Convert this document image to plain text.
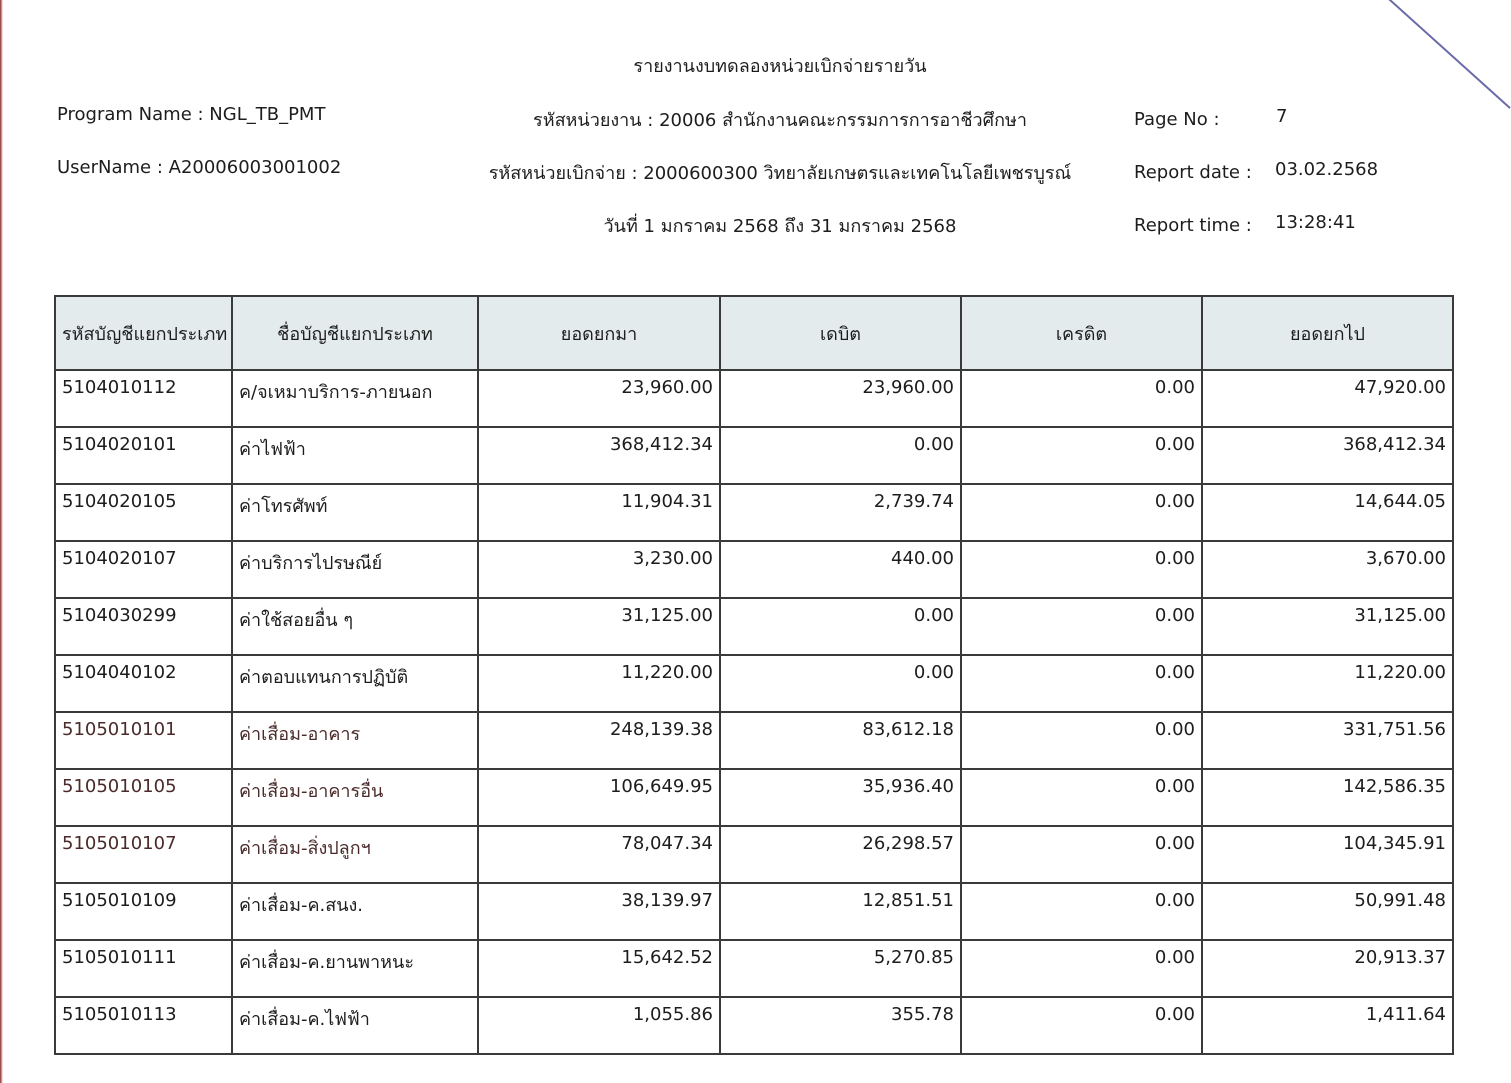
รายงานงบทดลองหน่วยเบิกจ่ายรายวัน
Program Name : NGL_TB_PMT
UserName : A20006003001002
รหัสหน่วยงาน : 20006 สำนักงานคณะกรรมการการอาชีวศึกษา
รหัสหน่วยเบิกจ่าย : 2000600300 วิทยาลัยเกษตรและเทคโนโลยีเพชรบูรณ์
วันที่ 1 มกราคม 2568 ถึง 31 มกราคม 2568
Page No :	7
Report date : 03.02.2568
Report time : 13:28:41
รหัสบัญชีแยกประเภท	ชื่อบัญชีแยกประเภท	ยอดยกมา	เดบิต	เครดิต	ยอดยกไป
5104010112	ค/จเหมาบริการ-ภายนอก	23,960.00	23,960.00	0.00	47,920.00
5104020101	ค่าไฟฟ้า	368,412.34	0.00	0.00	368,412.34
5104020105	ค่าโทรศัพท์	11,904.31	2,739.74	0.00	14,644.05
5104020107	ค่าบริการไปรษณีย์	3,230.00	440.00	0.00	3,670.00
5104030299	ค่าใช้สอยอื่น ๆ	31,125.00	0.00	0.00	31,125.00
5104040102	ค่าตอบแทนการปฏิบัติ	11,220.00	0.00	0.00	11,220.00
5105010101	ค่าเสื่อม-อาคาร	248,139.38	83,612.18	0.00	331,751.56
5105010105	ค่าเสื่อม-อาคารอื่น	106,649.95	35,936.40	0.00	142,586.35
5105010107	ค่าเสื่อม-สิ่งปลูกฯ	78,047.34	26,298.57	0.00	104,345.91
5105010109	ค่าเสื่อม-ค.สนง.	38,139.97	12,851.51	0.00	50,991.48
5105010111	ค่าเสื่อม-ค.ยานพาหนะ	15,642.52	5,270.85	0.00	20,913.37
5105010113	ค่าเสื่อม-ค.ไฟฟ้า	1,055.86	355.78	0.00	1,411.64
